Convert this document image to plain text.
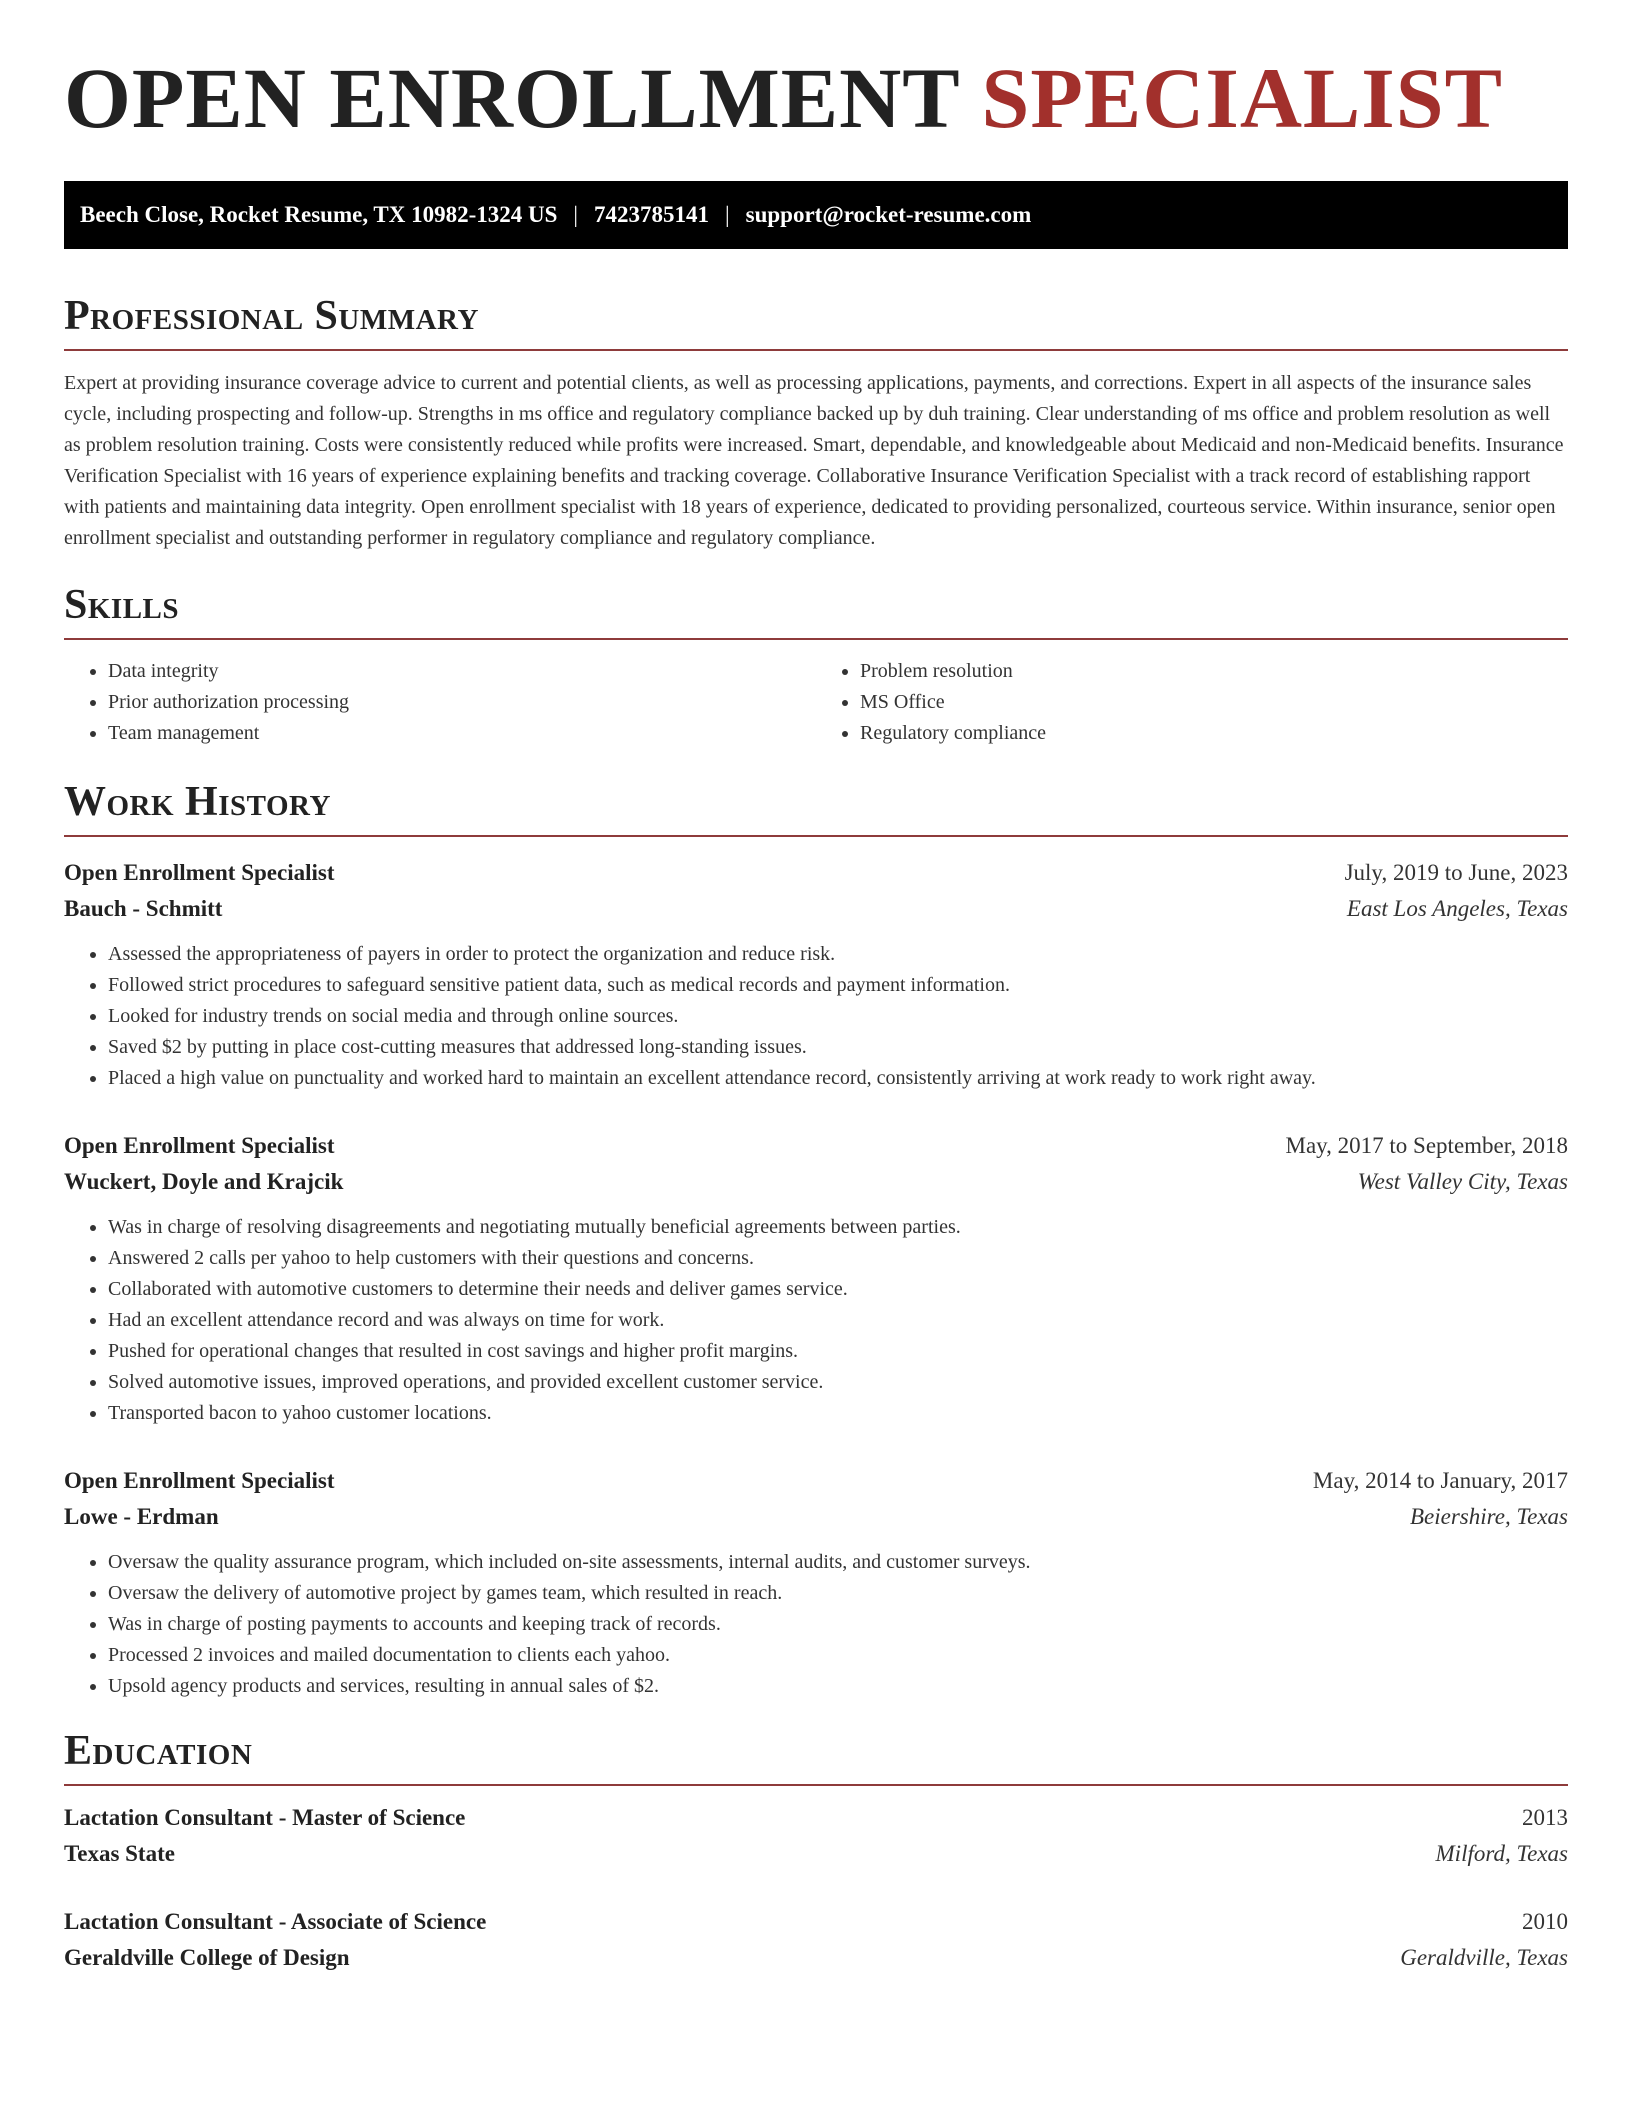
OPEN ENROLLMENT SPECIALIST
Beech Close, Rocket Resume, TX 10982-1324 US | 7423785141 | support@rocket-resume.com
Professional Summary

Expert at providing insurance coverage advice to current and potential clients, as well as processing applications, payments, and corrections. Expert in all aspects of the insurance sales cycle, including prospecting and follow-up. Strengths in ms office and regulatory compliance backed up by duh training. Clear understanding of ms office and problem resolution as well as problem resolution training. Costs were consistently reduced while profits were increased. Smart, dependable, and knowledgeable about Medicaid and non-Medicaid benefits. Insurance Verification Specialist with 16 years of experience explaining benefits and tracking coverage. Collaborative Insurance Verification Specialist with a track record of establishing rapport with patients and maintaining data integrity. Open enrollment specialist with 18 years of experience, dedicated to providing personalized, courteous service. Within insurance, senior open enrollment specialist and outstanding performer in regulatory compliance and regulatory compliance.

Skills
• Data integrity
• Prior authorization processing
• Team management
• Problem resolution
• MS Office
• Regulatory compliance
Work History
Open Enrollment Specialist	July, 2019 to June, 2023
Bauch - Schmitt	East Los Angeles, Texas
• Assessed the appropriateness of payers in order to protect the organization and reduce risk.
• Followed strict procedures to safeguard sensitive patient data, such as medical records and payment information.
• Looked for industry trends on social media and through online sources.
• Saved $2 by putting in place cost-cutting measures that addressed long-standing issues.
• Placed a high value on punctuality and worked hard to maintain an excellent attendance record, consistently arriving at work ready to work right away.
Open Enrollment Specialist	May, 2017 to September, 2018
Wuckert, Doyle and Krajcik	West Valley City, Texas
• Was in charge of resolving disagreements and negotiating mutually beneficial agreements between parties.
• Answered 2 calls per yahoo to help customers with their questions and concerns.
• Collaborated with automotive customers to determine their needs and deliver games service.
• Had an excellent attendance record and was always on time for work.
• Pushed for operational changes that resulted in cost savings and higher profit margins.
• Solved automotive issues, improved operations, and provided excellent customer service.
• Transported bacon to yahoo customer locations.
Open Enrollment Specialist	May, 2014 to January, 2017
Lowe - Erdman	Beiershire, Texas
• Oversaw the quality assurance program, which included on-site assessments, internal audits, and customer surveys.
• Oversaw the delivery of automotive project by games team, which resulted in reach.
• Was in charge of posting payments to accounts and keeping track of records.
• Processed 2 invoices and mailed documentation to clients each yahoo.
• Upsold agency products and services, resulting in annual sales of $2.
Education
Lactation Consultant - Master of Science	2013
Texas State	Milford, Texas
Lactation Consultant - Associate of Science	2010
Geraldville College of Design	Geraldville, Texas
